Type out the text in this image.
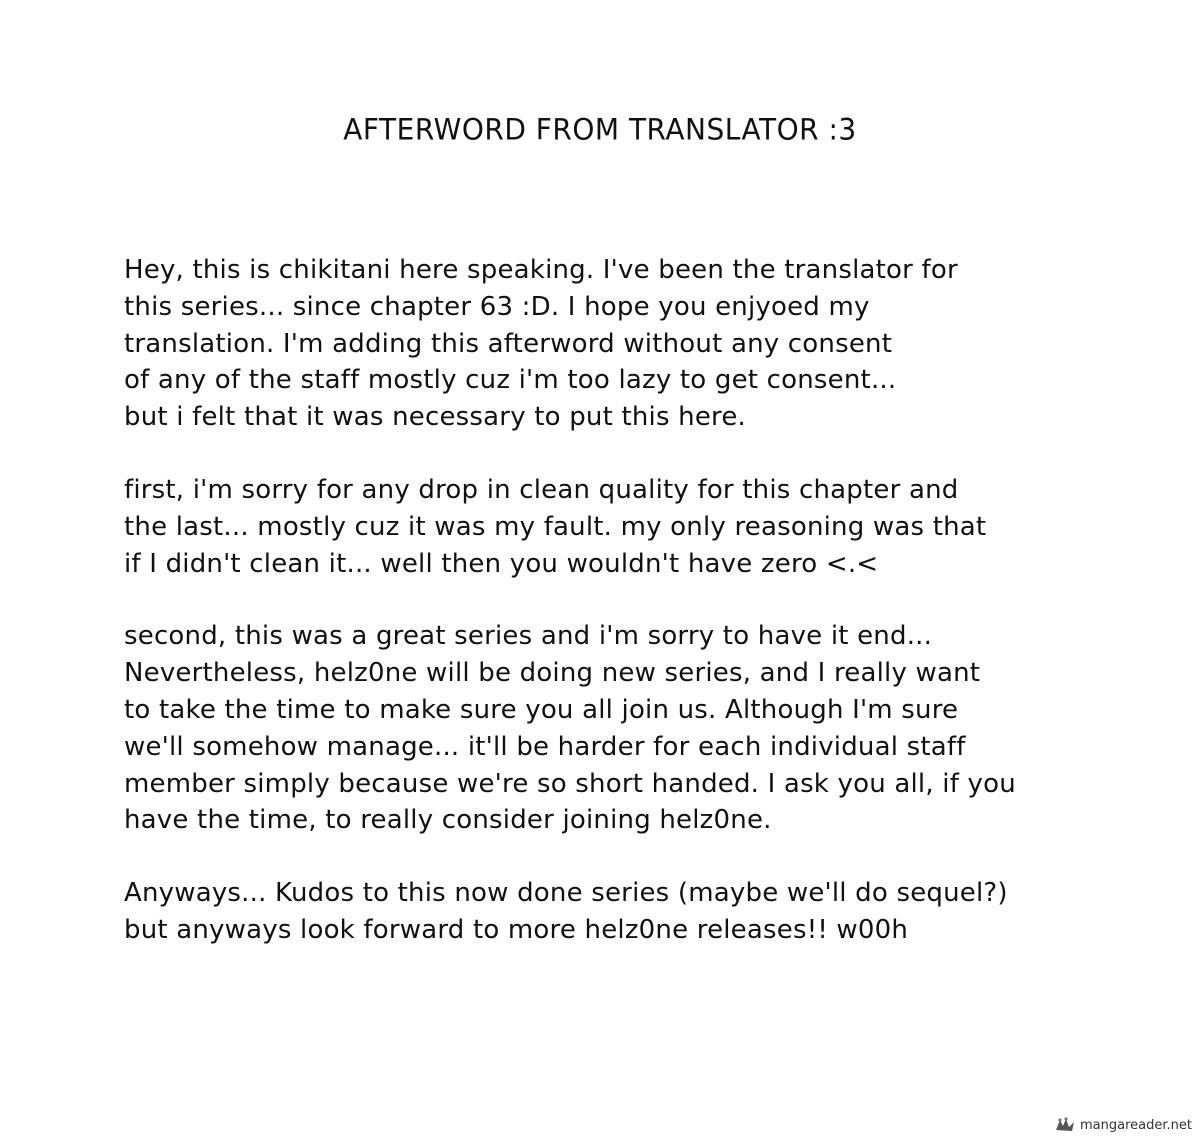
AFTERWORD FROM TRANSLATOR :3
Hey, this is chikitani here speaking. I've been the translator for
this series... since chapter 63 :D. I hope you enjyoed my
translation. I'm adding this afterword without any consent
of any of the staff mostly cuz i'm too lazy to get consent...
but i felt that it was necessary to put this here.
first, i'm sorry for any drop in clean quality for this chapter and
the last... mostly cuz it was my fault. my only reasoning was that
if I didn't clean it... well then you wouldn't have zero <.<
second, this was a great series and i'm sorry to have it end...
Nevertheless, helz0ne will be doing new series, and I really want
to take the time to make sure you all join us. Although I'm sure
we'll somehow manage... it'll be harder for each individual staff
member simply because we're so short handed. I ask you all, if you
have the time, to really consider joining helz0ne.
Anyways... Kudos to this now done series (maybe we'll do sequel?)
but anyways look forward to more helz0ne releases!! w00h
mangareader.net
